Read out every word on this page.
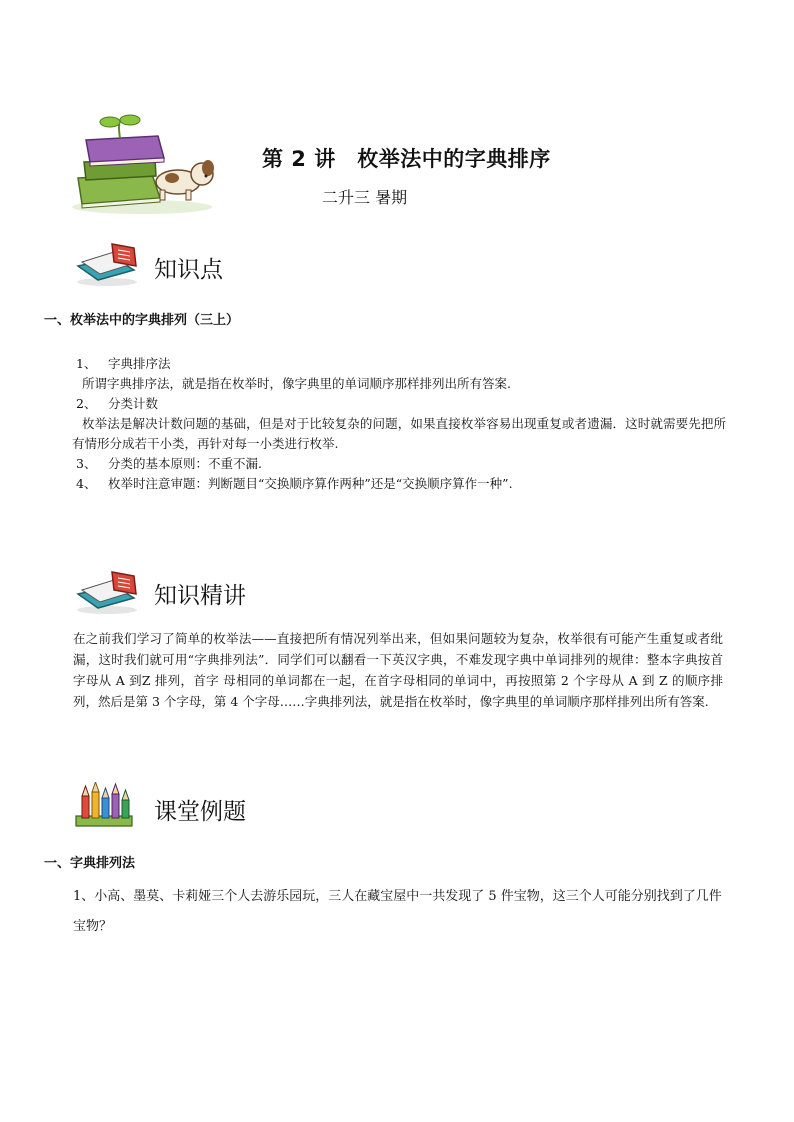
第 2 讲　枚举法中的字典排序
二升三 暑期
知识点
一、枚举法中的字典排列（三上）
1、 字典排序法
所谓字典排序法，就是指在枚举时，像字典里的单词顺序那样排列出所有答案.
2、 分类计数
枚举法是解决计数问题的基础，但是对于比较复杂的问题，如果直接枚举容易出现重复或者遗漏．这时就需要先把所有情形分成若干小类，再针对每一小类进行枚举.
3、 分类的基本原则：不重不漏.
4、 枚举时注意审题：判断题目“交换顺序算作两种”还是“交换顺序算作一种”.
知识精讲
在之前我们学习了简单的枚举法——直接把所有情况列举出来，但如果问题较为复杂，枚举很有可能产生重复或者纰漏，这时我们就可用“字典排列法”．同学们可以翻看一下英汉字典，不难发现字典中单词排列的规律：整本字典按首字母从 A 到Z 排列，首字 母相同的单词都在一起，在首字母相同的单词中，再按照第 2 个字母从 A 到 Z 的顺序排列，然后是第 3 个字母，第 4 个字母……字典排列法，就是指在枚举时，像字典里的单词顺序那样排列出所有答案.
课堂例题
一、字典排列法
1、小高、墨莫、卡莉娅三个人去游乐园玩，三人在藏宝屋中一共发现了 5 件宝物，这三个人可能分别找到了几件宝物？
